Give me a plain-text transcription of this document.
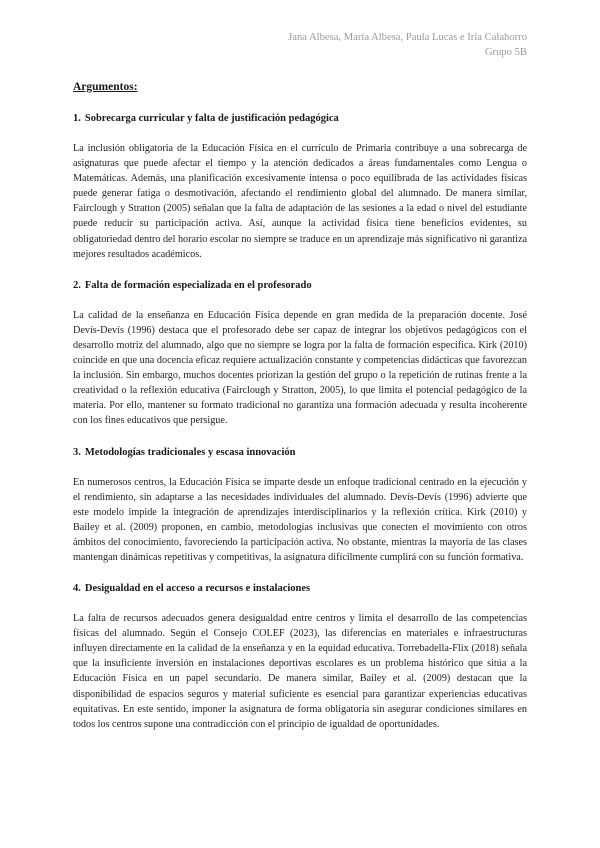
Jana Albesa, María Albesa, Paula Lucas e Iria Calahorro
Grupo 5B
Argumentos:
1. Sobrecarga curricular y falta de justificación pedagógica

La inclusión obligatoria de la Educación Física en el currículo de Primaria contribuye a una sobrecarga de asignaturas que puede afectar el tiempo y la atención dedicados a áreas fundamentales como Lengua o Matemáticas. Además, una planificación excesivamente intensa o poco equilibrada de las actividades físicas puede generar fatiga o desmotivación, afectando el rendimiento global del alumnado. De manera similar, Fairclough y Stratton (2005) señalan que la falta de adaptación de las sesiones a la edad o nivel del estudiante puede reducir su participación activa. Así, aunque la actividad física tiene beneficios evidentes, su obligatoriedad dentro del horario escolar no siempre se traduce en un aprendizaje más significativo ni garantiza mejores resultados académicos.

2. Falta de formación especializada en el profesorado

La calidad de la enseñanza en Educación Física depende en gran medida de la preparación docente. José Devís-Devís (1996) destaca que el profesorado debe ser capaz de integrar los objetivos pedagógicos con el desarrollo motriz del alumnado, algo que no siempre se logra por la falta de formación específica. Kirk (2010) coincide en que una docencia eficaz requiere actualización constante y competencias didácticas que favorezcan la inclusión. Sin embargo, muchos docentes priorizan la gestión del grupo o la repetición de rutinas frente a la creatividad o la reflexión educativa (Fairclough y Stratton, 2005), lo que limita el potencial pedagógico de la materia. Por ello, mantener su formato tradicional no garantiza una formación adecuada y resulta incoherente con los fines educativos que persigue.

3. Metodologías tradicionales y escasa innovación

En numerosos centros, la Educación Física se imparte desde un enfoque tradicional centrado en la ejecución y el rendimiento, sin adaptarse a las necesidades individuales del alumnado. Devís-Devís (1996) advierte que este modelo impide la integración de aprendizajes interdisciplinarios y la reflexión crítica. Kirk (2010) y Bailey et al. (2009) proponen, en cambio, metodologías inclusivas que conecten el movimiento con otros ámbitos del conocimiento, favoreciendo la participación activa. No obstante, mientras la mayoría de las clases mantengan dinámicas repetitivas y competitivas, la asignatura difícilmente cumplirá con su función formativa.

4. Desigualdad en el acceso a recursos e instalaciones

La falta de recursos adecuados genera desigualdad entre centros y limita el desarrollo de las competencias físicas del alumnado. Según el Consejo COLEF (2023), las diferencias en materiales e infraestructuras influyen directamente en la calidad de la enseñanza y en la equidad educativa. Torrebadella-Flix (2018) señala que la insuficiente inversión en instalaciones deportivas escolares es un problema histórico que sitúa a la Educación Física en un papel secundario. De manera similar, Bailey et al. (2009) destacan que la disponibilidad de espacios seguros y material suficiente es esencial para garantizar experiencias educativas equitativas. En este sentido, imponer la asignatura de forma obligatoria sin asegurar condiciones similares en todos los centros supone una contradicción con el principio de igualdad de oportunidades.
